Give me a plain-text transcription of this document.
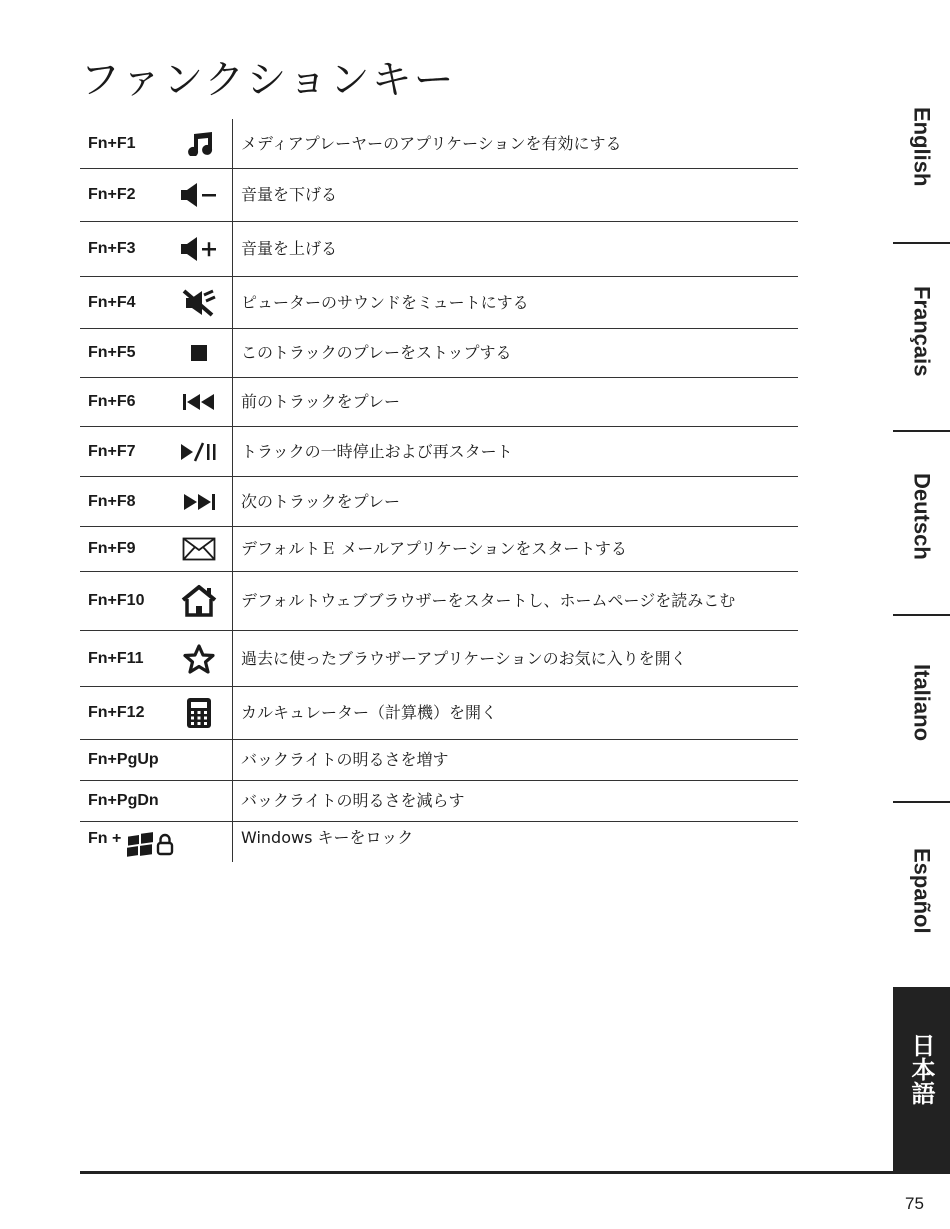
ファンクションキー
Fn+F1	メディアプレーヤーのアプリケーションを有効にする
Fn+F2	音量を下げる
Fn+F3	音量を上げる
Fn+F4	ピューターのサウンドをミュートにする
Fn+F5	このトラックのプレーをストップする
Fn+F6	前のトラックをプレー
Fn+F7	トラックの一時停止および再スタート
Fn+F8	次のトラックをプレー
Fn+F9	デフォルトＥ メールアプリケーションをスタートする
Fn+F10	デフォルトウェブブラウザーをスタートし、ホームページを読みこむ
Fn+F11	過去に使ったブラウザーアプリケーションのお気に入りを開く
Fn+F12	カルキュレーター（計算機）を開く
Fn+PgUp	バックライトの明るさを増す
Fn+PgDn	バックライトの明るさを減らす
Fn +	Windows キーをロック
English
Français
Deutsch
Italiano
Español
日本語
75
